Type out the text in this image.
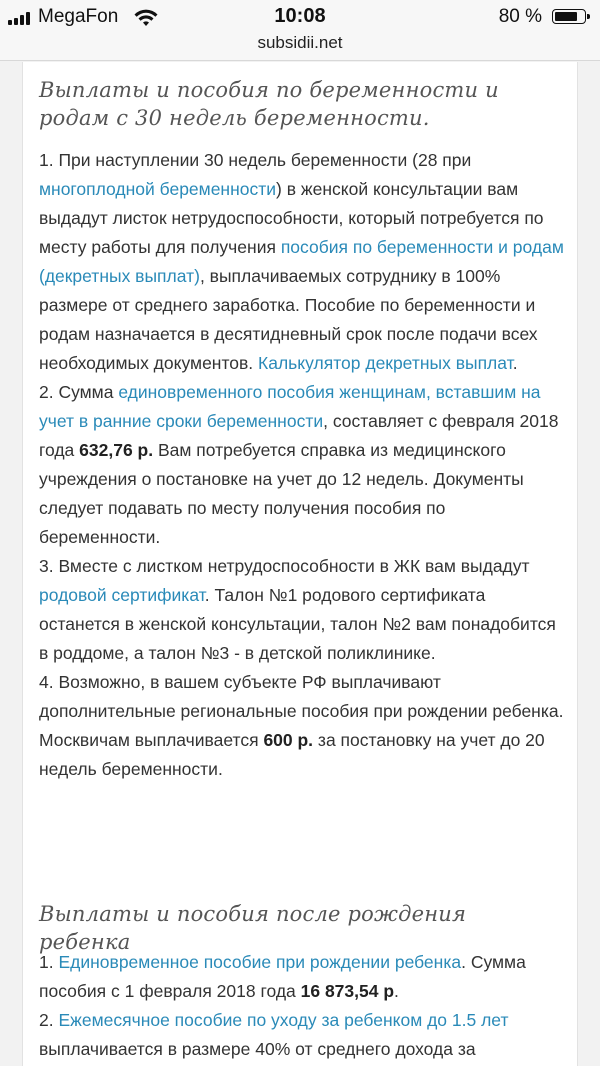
MegaFon	10:08	80 %
subsidii.net
Выплаты и пособия по беременности и родам с 30 недель беременности.

1. При наступлении 30 недель беременности (28 при многоплодной беременности) в женской консультации вам выдадут листок нетрудоспособности, который потребуется по месту работы для получения пособия по беременности и родам (декретных выплат), выплачиваемых сотруднику в 100% размере от среднего заработка. Пособие по беременности и родам назначается в десятидневный срок после подачи всех необходимых документов. Калькулятор декретных выплат.

2. Сумма единовременного пособия женщинам, вставшим на учет в ранние сроки беременности, составляет с февраля 2018 года 632,76 р. Вам потребуется справка из медицинского учреждения о постановке на учет до 12 недель. Документы следует подавать по месту получения пособия по беременности.

3. Вместе с листком нетрудоспособности в ЖК вам выдадут родовой сертификат. Талон №1 родового сертификата останется в женской консультации, талон №2 вам понадобится в роддоме, а талон №3 - в детской поликлинике.

4. Возможно, в вашем субъекте РФ выплачивают дополнительные региональные пособия при рождении ребенка. Москвичам выплачивается 600 р. за постановку на учет до 20 недель беременности.

Выплаты и пособия после рождения ребенка

1. Единовременное пособие при рождении ребенка. Сумма пособия с 1 февраля 2018 года 16 873,54 р.

2. Ежемесячное пособие по уходу за ребенком до 1.5 лет выплачивается в размере 40% от среднего дохода за
